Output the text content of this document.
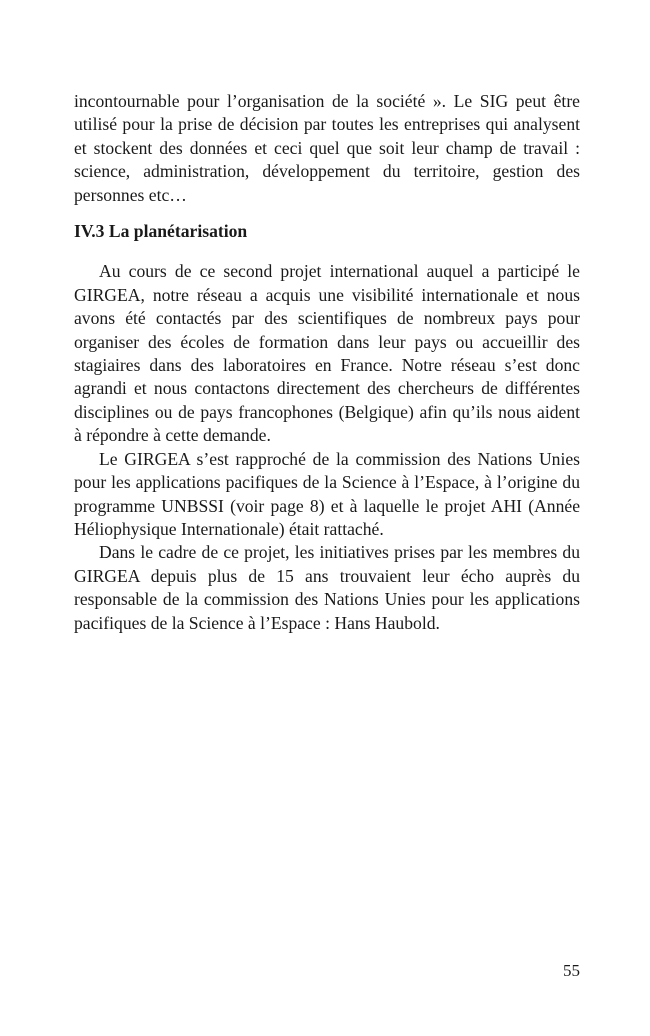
incontournable pour l’organisation de la société ». Le SIG peut être utilisé pour la prise de décision par toutes les entreprises qui analysent et stockent des données et ceci quel que soit leur champ de travail : science, administration, développement du territoire, gestion des personnes etc…

IV.3 La planétarisation

Au cours de ce second projet international auquel a participé le GIRGEA, notre réseau a acquis une visibilité internationale et nous avons été contactés par des scientifiques de nombreux pays pour organiser des écoles de formation dans leur pays ou accueillir des stagiaires dans des laboratoires en France. Notre réseau s’est donc agrandi et nous contactons directement des chercheurs de différentes disciplines ou de pays francophones (Belgique) afin qu’ils nous aident à répondre à cette demande.

Le GIRGEA s’est rapproché de la commission des Nations Unies pour les applications pacifiques de la Science à l’Espace, à l’origine du programme UNBSSI (voir page 8) et à laquelle le projet AHI (Année Héliophysique Internationale) était rattaché.

Dans le cadre de ce projet, les initiatives prises par les membres du GIRGEA depuis plus de 15 ans trouvaient leur écho auprès du responsable de la commission des Nations Unies pour les applications pacifiques de la Science à l’Espace : Hans Haubold.

55
